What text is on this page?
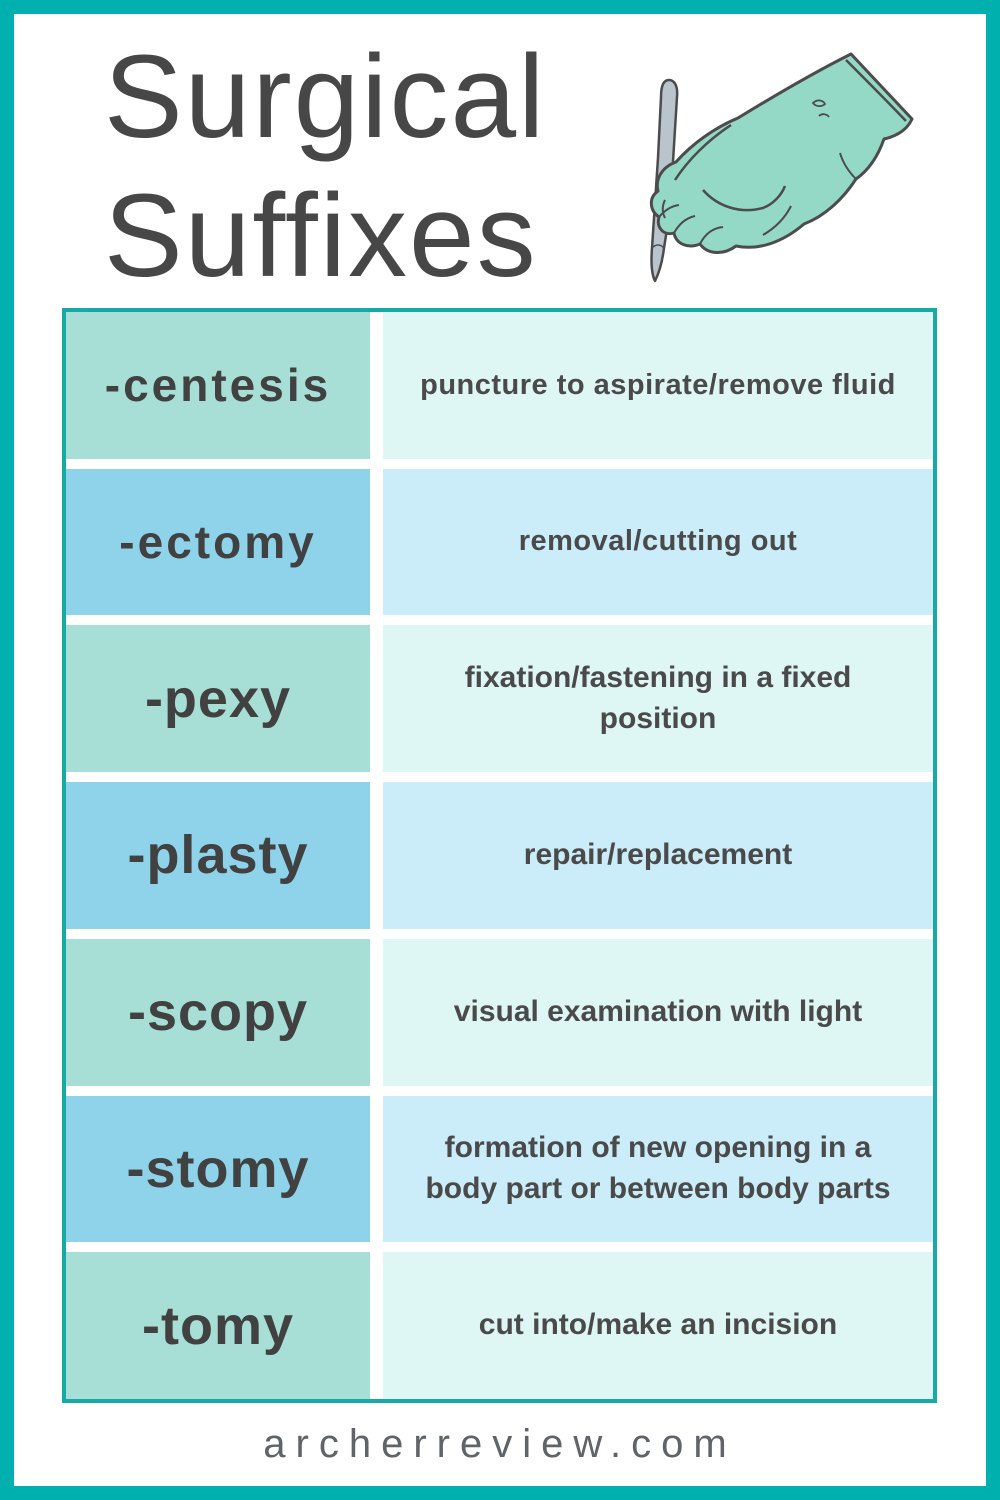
Surgical
Suffixes
-centesis	puncture to aspirate/remove fluid
-ectomy	removal/cutting out
-pexy	fixation/fastening in a fixed position
-plasty	repair/replacement
-scopy	visual examination with light
-stomy	formation of new opening in a body part or between body parts
-tomy	cut into/make an incision
archerreview.com
